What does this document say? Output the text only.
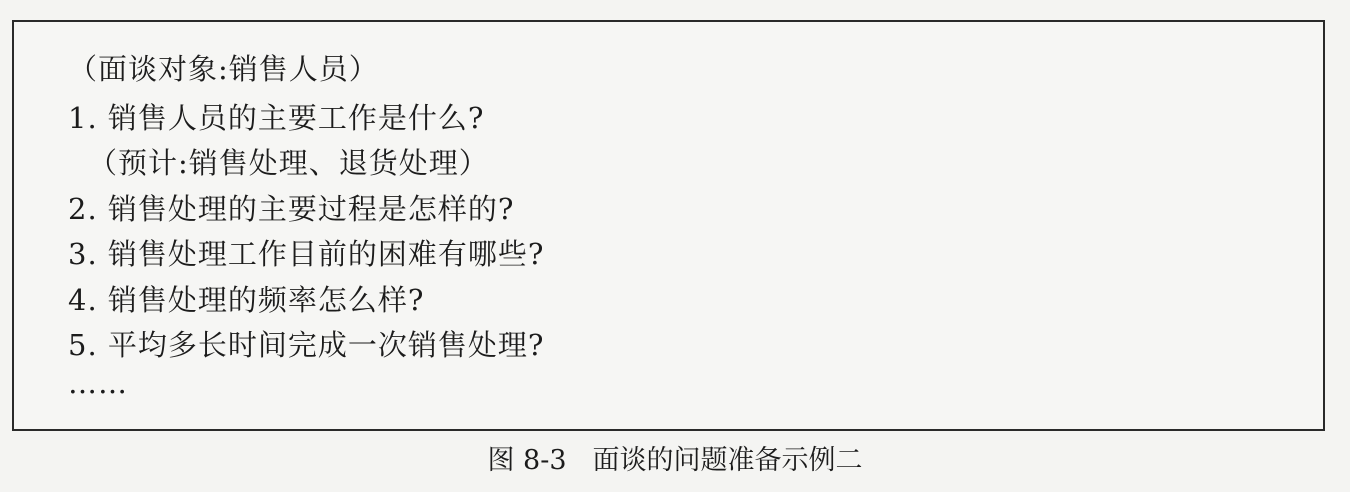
（面谈对象:销售人员）
1. 销售人员的主要工作是什么?
（预计:销售处理、退货处理）
2. 销售处理的主要过程是怎样的?
3. 销售处理工作目前的困难有哪些?
4. 销售处理的频率怎么样?
5. 平均多长时间完成一次销售处理?
……
图 8-3 面谈的问题准备示例二
